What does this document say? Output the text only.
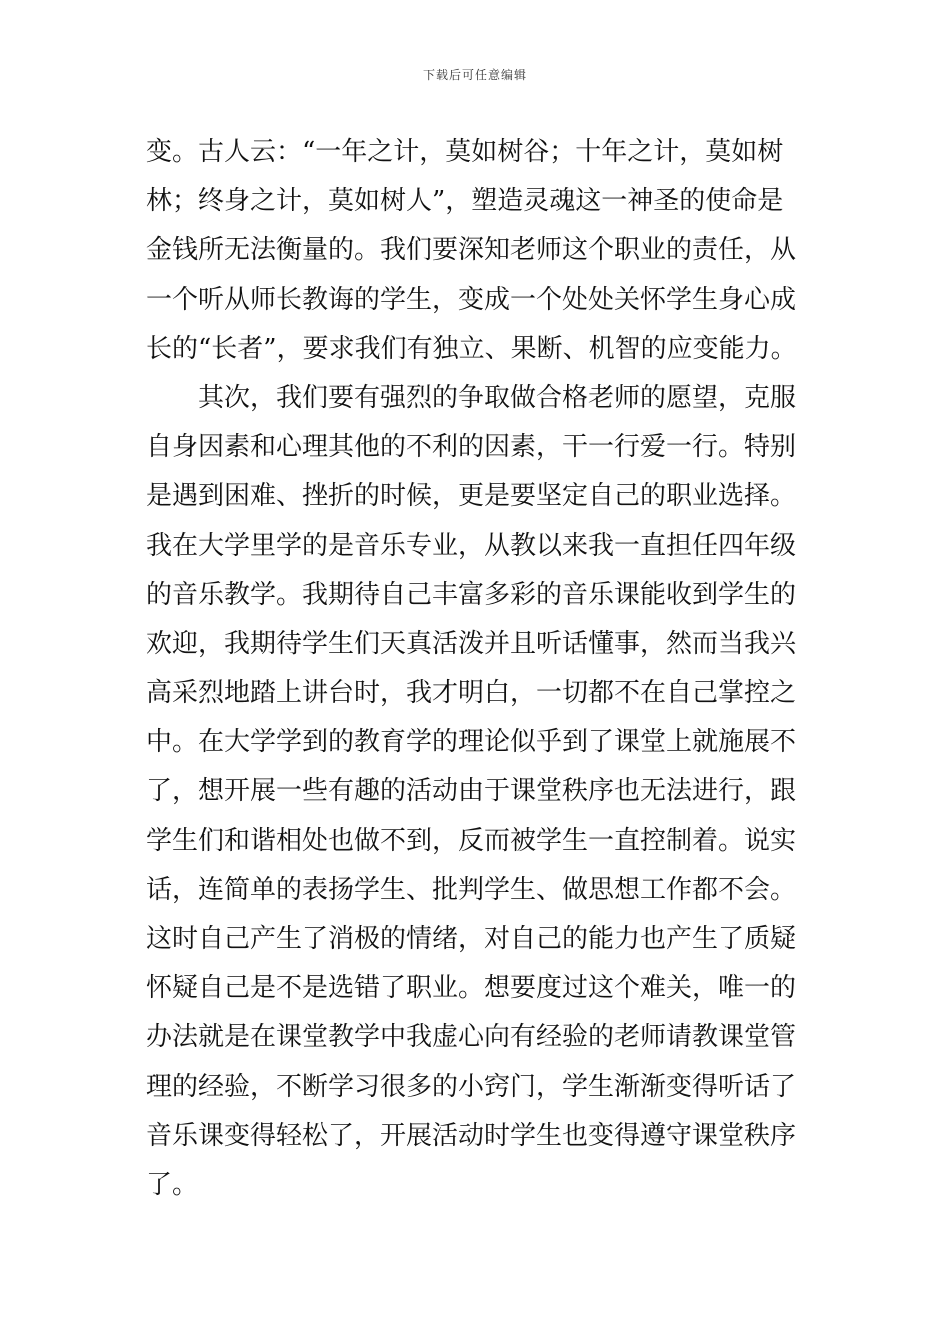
下载后可任意编辑
变。古人云：“一年之计，莫如树谷；十年之计，莫如树
林；终身之计，莫如树人”，塑造灵魂这一神圣的使命是
金钱所无法衡量的。我们要深知老师这个职业的责任，从
一个听从师长教诲的学生，变成一个处处关怀学生身心成
长的“长者”，要求我们有独立、果断、机智的应变能力。
　　其次，我们要有强烈的争取做合格老师的愿望，克服
自身因素和心理其他的不利的因素，干一行爱一行。特别
是遇到困难、挫折的时候，更是要坚定自己的职业选择。
我在大学里学的是音乐专业，从教以来我一直担任四年级
的音乐教学。我期待自己丰富多彩的音乐课能收到学生的
欢迎，我期待学生们天真活泼并且听话懂事，然而当我兴
高采烈地踏上讲台时，我才明白，一切都不在自己掌控之
中。在大学学到的教育学的理论似乎到了课堂上就施展不
了，想开展一些有趣的活动由于课堂秩序也无法进行，跟
学生们和谐相处也做不到，反而被学生一直控制着。说实
话，连简单的表扬学生、批判学生、做思想工作都不会。
这时自己产生了消极的情绪，对自己的能力也产生了质疑
怀疑自己是不是选错了职业。想要度过这个难关，唯一的
办法就是在课堂教学中我虚心向有经验的老师请教课堂管
理的经验，不断学习很多的小窍门，学生渐渐变得听话了
音乐课变得轻松了，开展活动时学生也变得遵守课堂秩序
了。
